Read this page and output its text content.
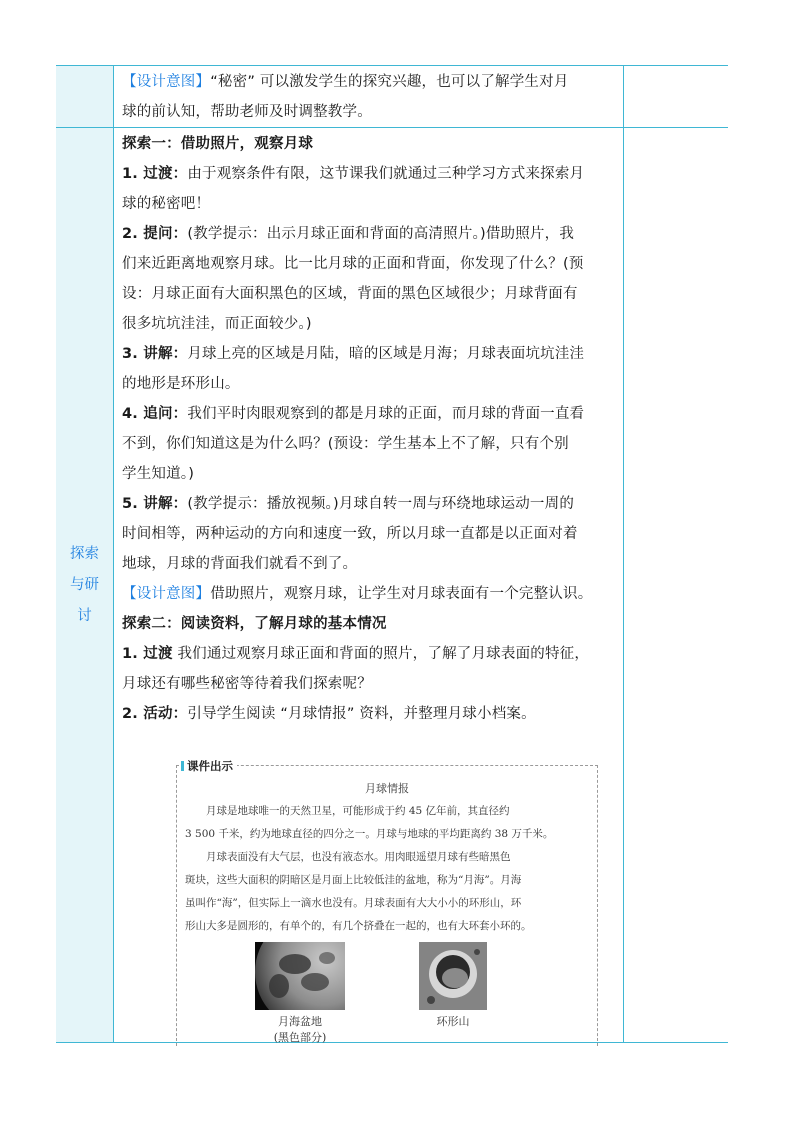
【设计意图】“秘密” 可以激发学生的探究兴趣，也可以了解学生对月

球的前认知，帮助老师及时调整教学。

探索
与研
讨

探索一：借助照片，观察月球

1. 过渡：由于观察条件有限，这节课我们就通过三种学习方式来探索月

球的秘密吧！

2. 提问：(教学提示：出示月球正面和背面的高清照片。)借助照片，我

们来近距离地观察月球。比一比月球的正面和背面，你发现了什么？(预

设：月球正面有大面积黑色的区域，背面的黑色区域很少；月球背面有

很多坑坑洼洼，而正面较少。)

3. 讲解：月球上亮的区域是月陆，暗的区域是月海；月球表面坑坑洼洼

的地形是环形山。

4. 追问：我们平时肉眼观察到的都是月球的正面，而月球的背面一直看

不到，你们知道这是为什么吗？(预设：学生基本上不了解，只有个别

学生知道。)

5. 讲解：(教学提示：播放视频。)月球自转一周与环绕地球运动一周的

时间相等，两种运动的方向和速度一致，所以月球一直都是以正面对着

地球，月球的背面我们就看不到了。

【设计意图】借助照片，观察月球，让学生对月球表面有一个完整认识。

探索二：阅读资料，了解月球的基本情况

1. 过渡 我们通过观察月球正面和背面的照片，了解了月球表面的特征，

月球还有哪些秘密等待着我们探索呢？

2. 活动：引导学生阅读 “月球情报” 资料，并整理月球小档案。

课件出示
月球情报

月球是地球唯一的天然卫星，可能形成于约 45 亿年前，其直径约

3 500 千米，约为地球直径的四分之一。月球与地球的平均距离约 38 万千米。

月球表面没有大气层，也没有液态水。用肉眼遥望月球有些暗黑色

斑块，这些大面积的阴暗区是月面上比较低洼的盆地，称为“月海”。月海
虽叫作“海”，但实际上一滴水也没有。月球表面有大大小小的环形山，环
形山大多是圆形的，有单个的，有几个挤叠在一起的，也有大环套小环的。
月海盆地
(黑色部分)
环形山
